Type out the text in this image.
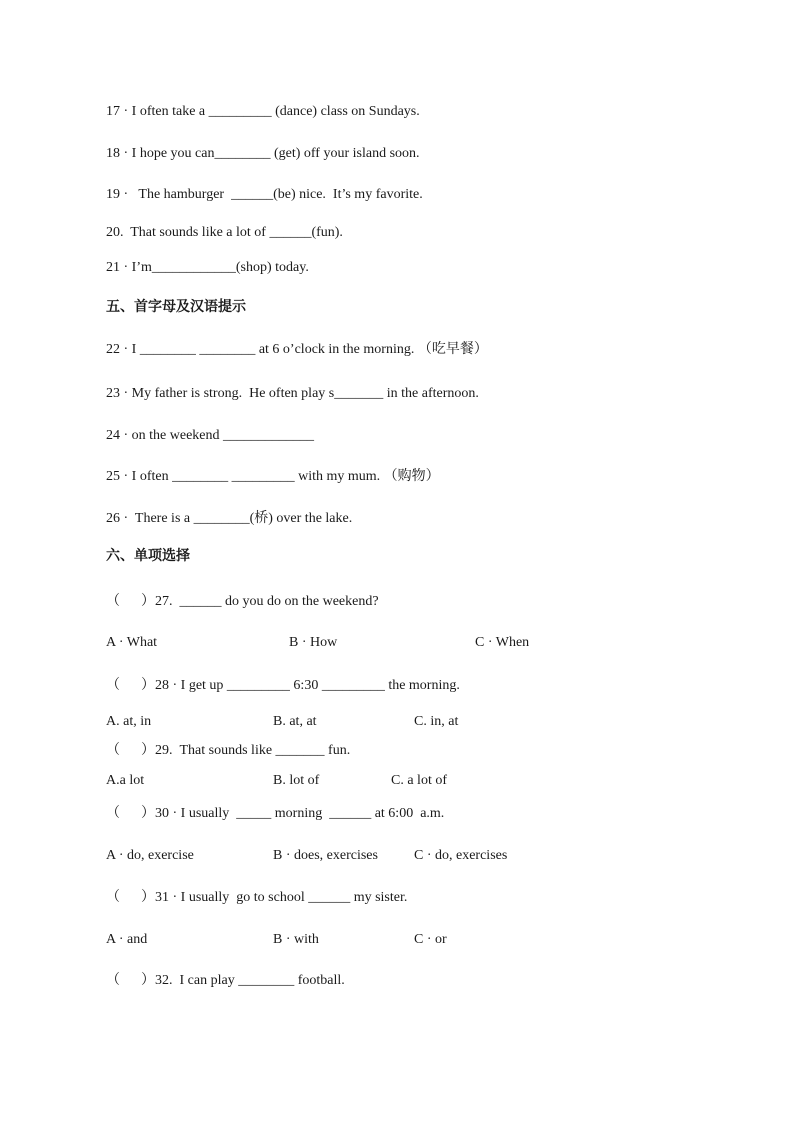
17 · I often take a _________ (dance) class on Sundays.
18 · I hope you can________ (get) off your island soon.
19 ·   The hamburger  ______(be) nice.  It’s my favorite.
20.  That sounds like a lot of ______(fun).
21 · I’m____________(shop) today.
五、首字母及汉语提示
22 · I ________ ________ at 6 o’clock in the morning. （吃早餐）
23 · My father is strong.  He often play s_______ in the afternoon.
24 · on the weekend _____________
25 · I often ________ _________ with my mum. （购物）
26 ·  There is a ________(桥) over the lake.
六、单项选择
（      ）27.  ______ do you do on the weekend?
A · What	B · How	C · When
（      ）28 · I get up _________ 6:30 _________ the morning.
A. at, in	B. at, at	C. in, at
（      ）29.  That sounds like _______ fun.
A.a lot	B. lot of	C. a lot of
（      ）30 · I usually  _____ morning  ______ at 6:00  a.m.
A · do, exercise	B · does, exercises	C · do, exercises
（      ）31 · I usually  go to school ______ my sister.
A · and	B · with	C · or
（      ）32.  I can play ________ football.
